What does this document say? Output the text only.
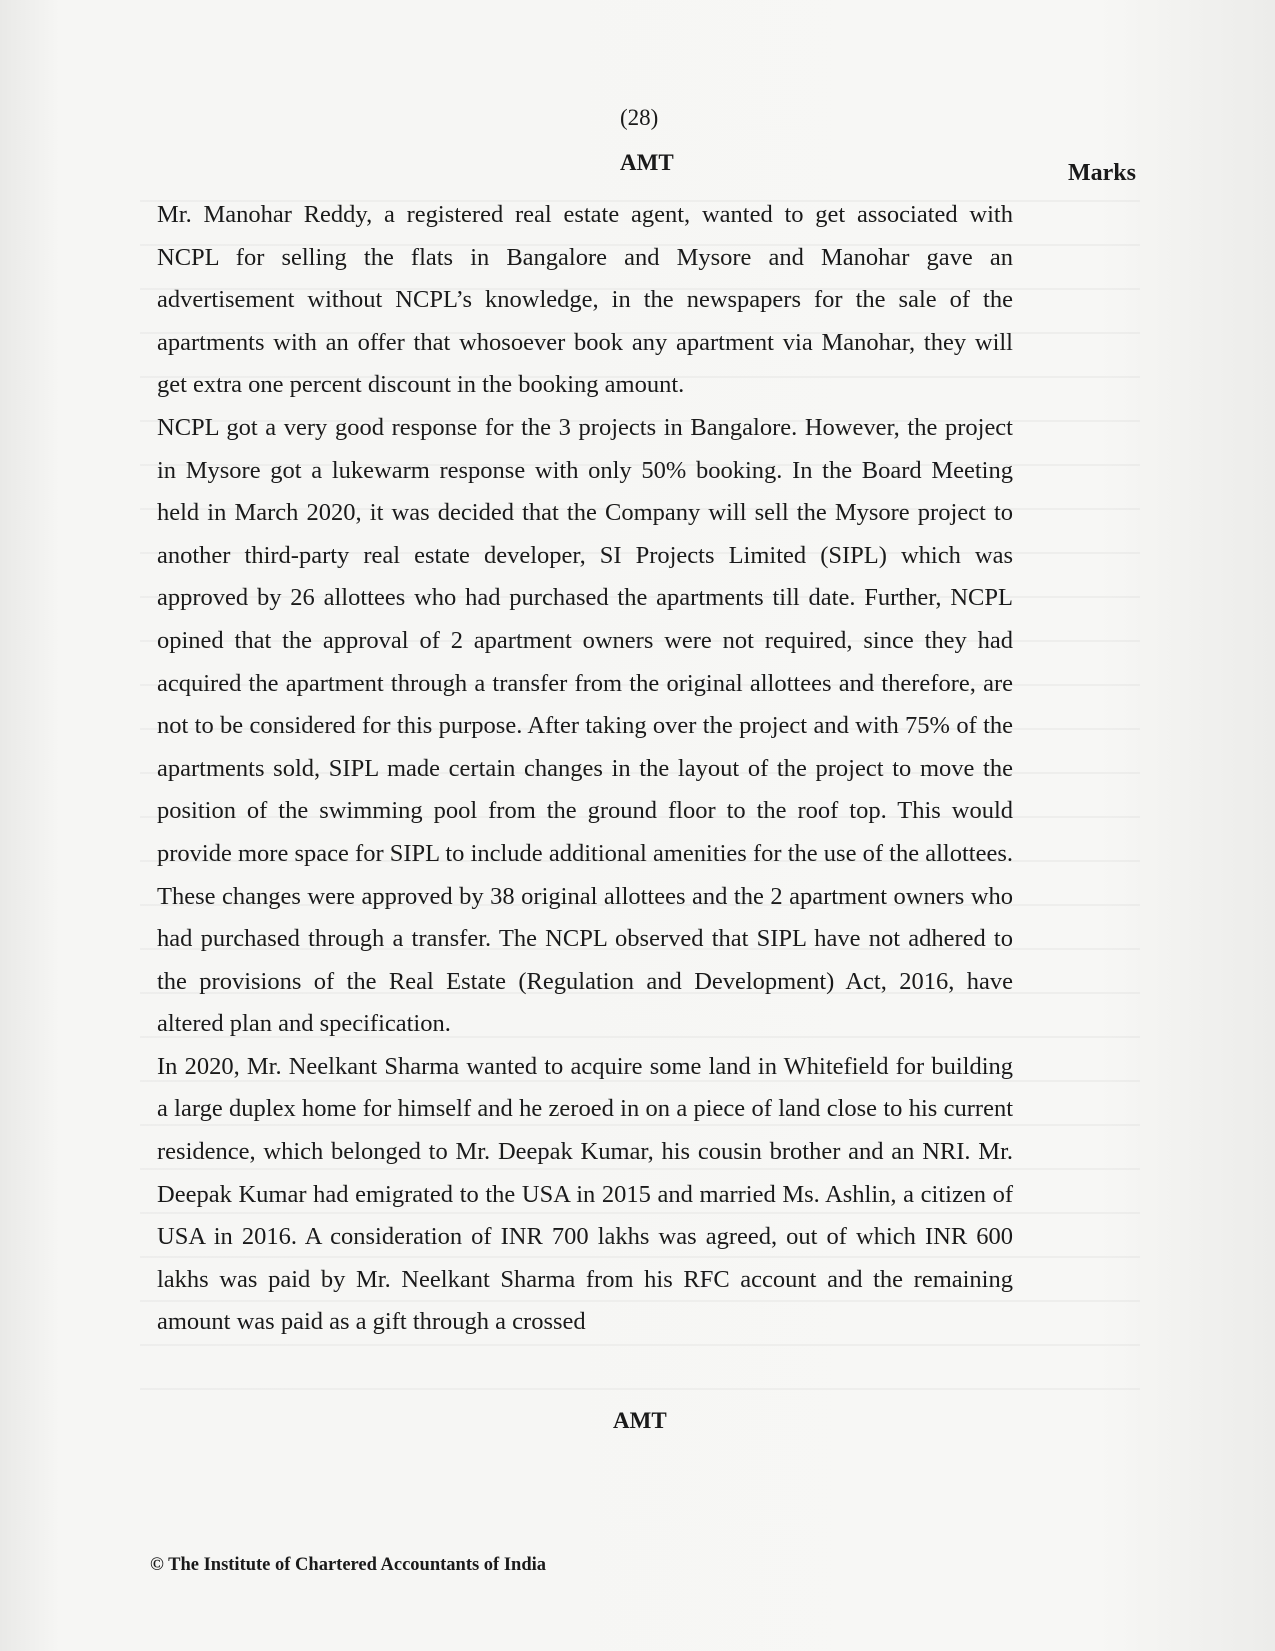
(28)
AMT	Marks

Mr. Manohar Reddy, a registered real estate agent, wanted to get associated with NCPL for selling the flats in Bangalore and Mysore and Manohar gave an advertisement without NCPL’s knowledge, in the newspapers for the sale of the apartments with an offer that whosoever book any apartment via Manohar, they will get extra one percent discount in the booking amount.

NCPL got a very good response for the 3 projects in Bangalore. However, the project in Mysore got a lukewarm response with only 50% booking. In the Board Meeting held in March 2020, it was decided that the Company will sell the Mysore project to another third-party real estate developer, SI Projects Limited (SIPL) which was approved by 26 allottees who had purchased the apartments till date. Further, NCPL opined that the approval of 2 apartment owners were not required, since they had acquired the apartment through a transfer from the original allottees and therefore, are not to be considered for this purpose. After taking over the project and with 75% of the apartments sold, SIPL made certain changes in the layout of the project to move the position of the swimming pool from the ground floor to the roof top. This would provide more space for SIPL to include additional amenities for the use of the allottees. These changes were approved by 38 original allottees and the 2 apartment owners who had purchased through a transfer. The NCPL observed that SIPL have not adhered to the provisions of the Real Estate (Regulation and Development) Act, 2016, have altered plan and specification.

In 2020, Mr. Neelkant Sharma wanted to acquire some land in Whitefield for building a large duplex home for himself and he zeroed in on a piece of land close to his current residence, which belonged to Mr. Deepak Kumar, his cousin brother and an NRI. Mr. Deepak Kumar had emigrated to the USA in 2015 and married Ms. Ashlin, a citizen of USA in 2016. A consideration of INR 700 lakhs was agreed, out of which INR 600 lakhs was paid by Mr. Neelkant Sharma from his RFC account and the remaining amount was paid as a gift through a crossed

AMT
© The Institute of Chartered Accountants of India
